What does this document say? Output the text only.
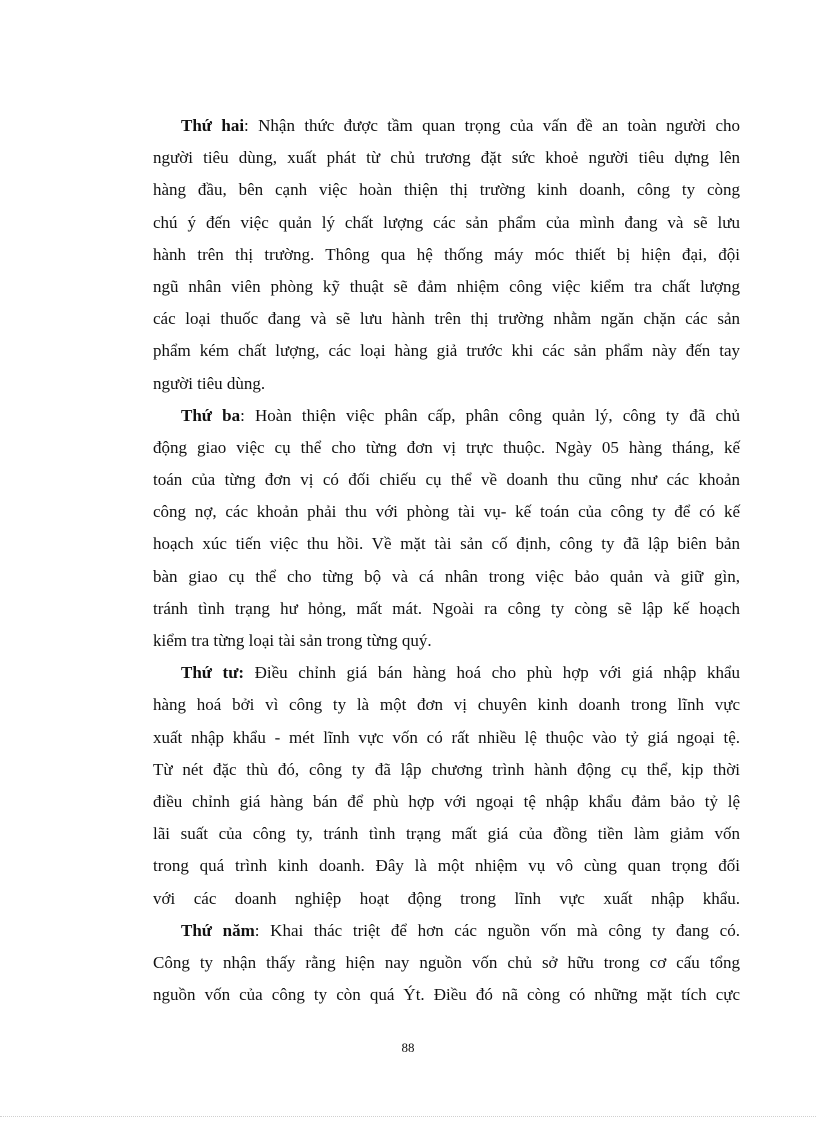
Thứ hai: Nhận thức được tầm quan trọng của vấn đề an toàn người cho
người tiêu dùng, xuất phát từ chủ trương đặt sức khoẻ người tiêu dựng lên
hàng đầu, bên cạnh việc hoàn thiện thị trường kinh doanh, công ty còng
chú ý đến việc quản lý chất lượng các sản phẩm của mình đang và sẽ lưu
hành trên thị trường. Thông qua hệ thống máy móc thiết bị hiện đại, đội
ngũ nhân viên phòng kỹ thuật sẽ đảm nhiệm công việc kiểm tra chất lượng
các loại thuốc đang và sẽ lưu hành trên thị trường nhằm ngăn chặn các sản
phẩm kém chất lượng, các loại hàng giả trước khi các sản phẩm này đến tay
người tiêu dùng.

Thứ ba: Hoàn thiện việc phân cấp, phân công quản lý, công ty đã chủ
động giao việc cụ thể cho từng đơn vị trực thuộc. Ngày 05 hàng tháng, kế
toán của từng đơn vị có đối chiếu cụ thể về doanh thu cũng như các khoản
công nợ, các khoản phải thu với phòng tài vụ- kế toán của công ty để có kế
hoạch xúc tiến việc thu hồi. Về mặt tài sản cố định, công ty đã lập biên bản
bàn giao cụ thể cho từng bộ và cá nhân trong việc bảo quản và giữ gìn,
tránh tình trạng hư hỏng, mất mát. Ngoài ra công ty còng sẽ lập kế hoạch
kiểm tra từng loại tài sản trong từng quý.

Thứ tư: Điều chỉnh giá bán hàng hoá cho phù hợp với giá nhập khẩu
hàng hoá bởi vì công ty là một đơn vị chuyên kinh doanh trong lĩnh vực
xuất nhập khẩu - mét lĩnh vực vốn có rất nhiều lệ thuộc vào tỷ giá ngoại tệ.
Từ nét đặc thù đó, công ty đã lập chương trình hành động cụ thể, kịp thời
điều chỉnh giá hàng bán để phù hợp với ngoại tệ nhập khẩu đảm bảo tỷ lệ
lãi suất của công ty, tránh tình trạng mất giá của đồng tiền làm giảm vốn
trong quá trình kinh doanh. Đây là một nhiệm vụ vô cùng quan trọng đối
với các doanh nghiệp hoạt động trong lĩnh vực xuất nhập khẩu.

Thứ năm: Khai thác triệt để hơn các nguồn vốn mà công ty đang có.
Công ty nhận thấy rằng hiện nay nguồn vốn chủ sở hữu trong cơ cấu tổng
nguồn vốn của công ty còn quá Ýt. Điều đó nã còng có những mặt tích cực

88
